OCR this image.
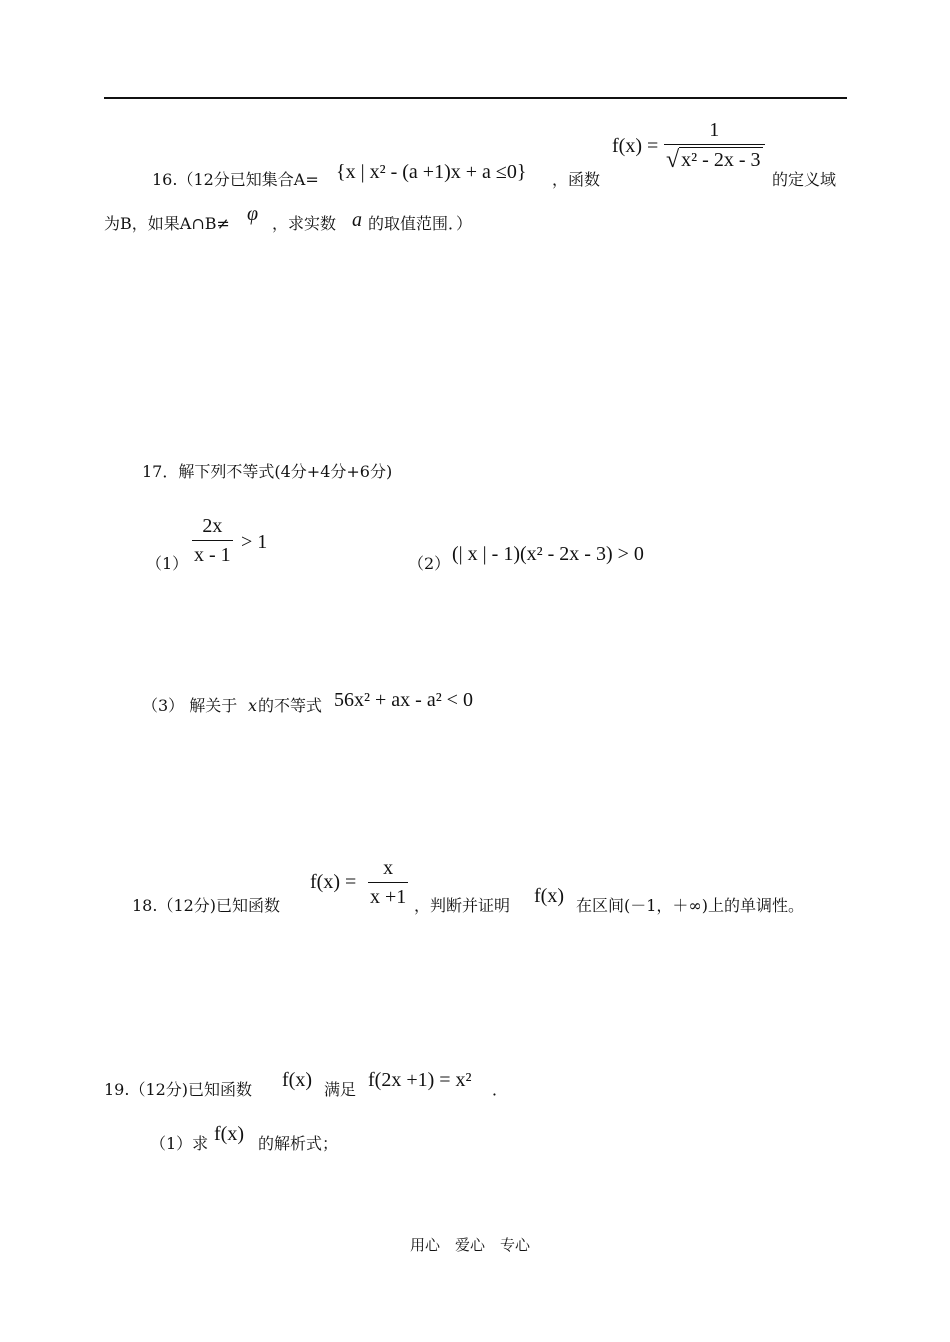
16.（12分已知集合A= {x | x² - (a +1)x + a ≤0} ，函数
$f(x) = \frac{1}{\text{√ x² - 2x - 3}}$
的定义域
为B，如果A∩B≠ φ ，求实数 a 的取值范围．）
17．解下列不等式(4分+4分+6分)
$(1) \frac{2x}{x - 1} > 1$
（2） (| x | - 1)(x² - 2x - 3) > 0
（3） 解关于 x 的不等式 56x² + ax - a² < 0
18.（12分)已知函数
$f(x) = \frac{x}{x +1}$ ，判断并证明 f(x) 在区间(－1，＋∞)上的单调性。
19.（12分)已知函数 f(x) 满足 f(2x +1) = x² ．
（1）求 f(x) 的解析式；
用心　爱心　专心
